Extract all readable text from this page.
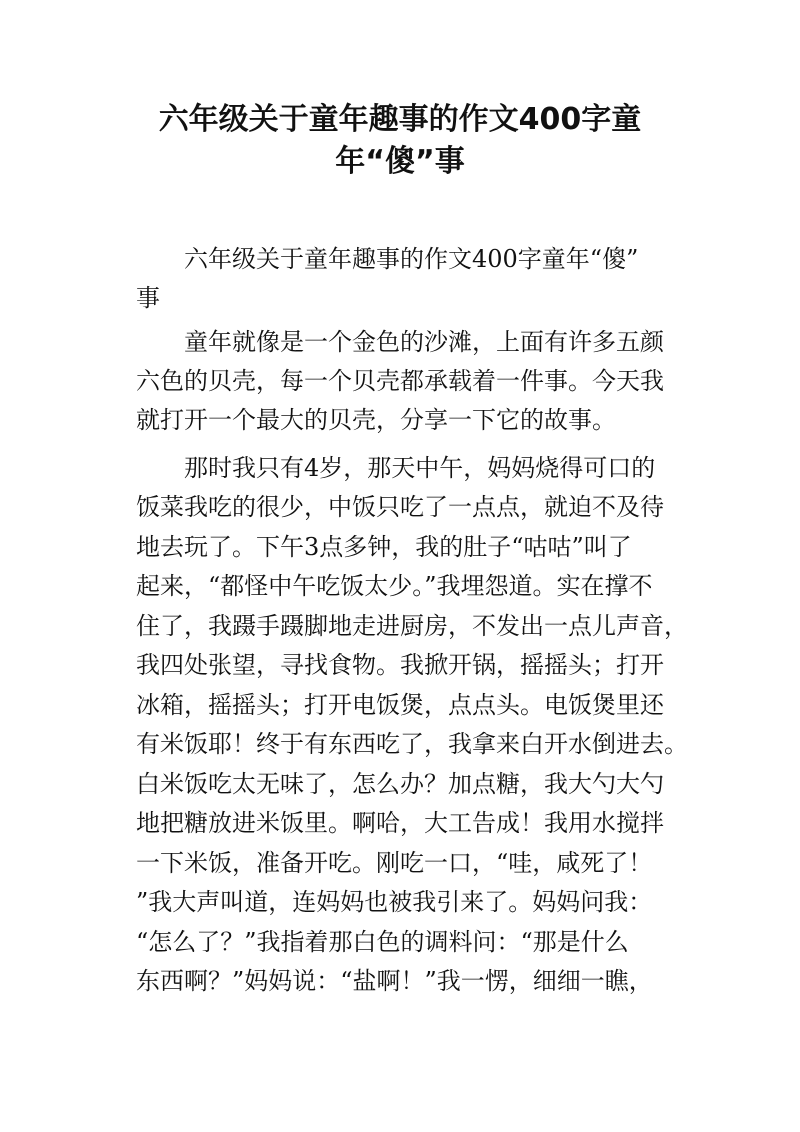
六年级关于童年趣事的作文400字童
年“傻”事

六年级关于童年趣事的作文400字童年“傻”

事

童年就像是一个金色的沙滩，上面有许多五颜

六色的贝壳，每一个贝壳都承载着一件事。今天我

就打开一个最大的贝壳，分享一下它的故事。

那时我只有4岁，那天中午，妈妈烧得可口的

饭菜我吃的很少，中饭只吃了一点点，就迫不及待

地去玩了。下午3点多钟，我的肚子“咕咕”叫了

起来，“都怪中午吃饭太少。”我埋怨道。实在撑不

住了，我蹑手蹑脚地走进厨房，不发出一点儿声音，

我四处张望，寻找食物。我掀开锅，摇摇头；打开

冰箱，摇摇头；打开电饭煲，点点头。电饭煲里还

有米饭耶！终于有东西吃了，我拿来白开水倒进去。

白米饭吃太无味了，怎么办？加点糖，我大勺大勺

地把糖放进米饭里。啊哈，大工告成！我用水搅拌

一下米饭，准备开吃。刚吃一口，“哇，咸死了！

”我大声叫道，连妈妈也被我引来了。妈妈问我：

“怎么了？”我指着那白色的调料问：“那是什么

东西啊？”妈妈说：“盐啊！”我一愣，细细一瞧，
